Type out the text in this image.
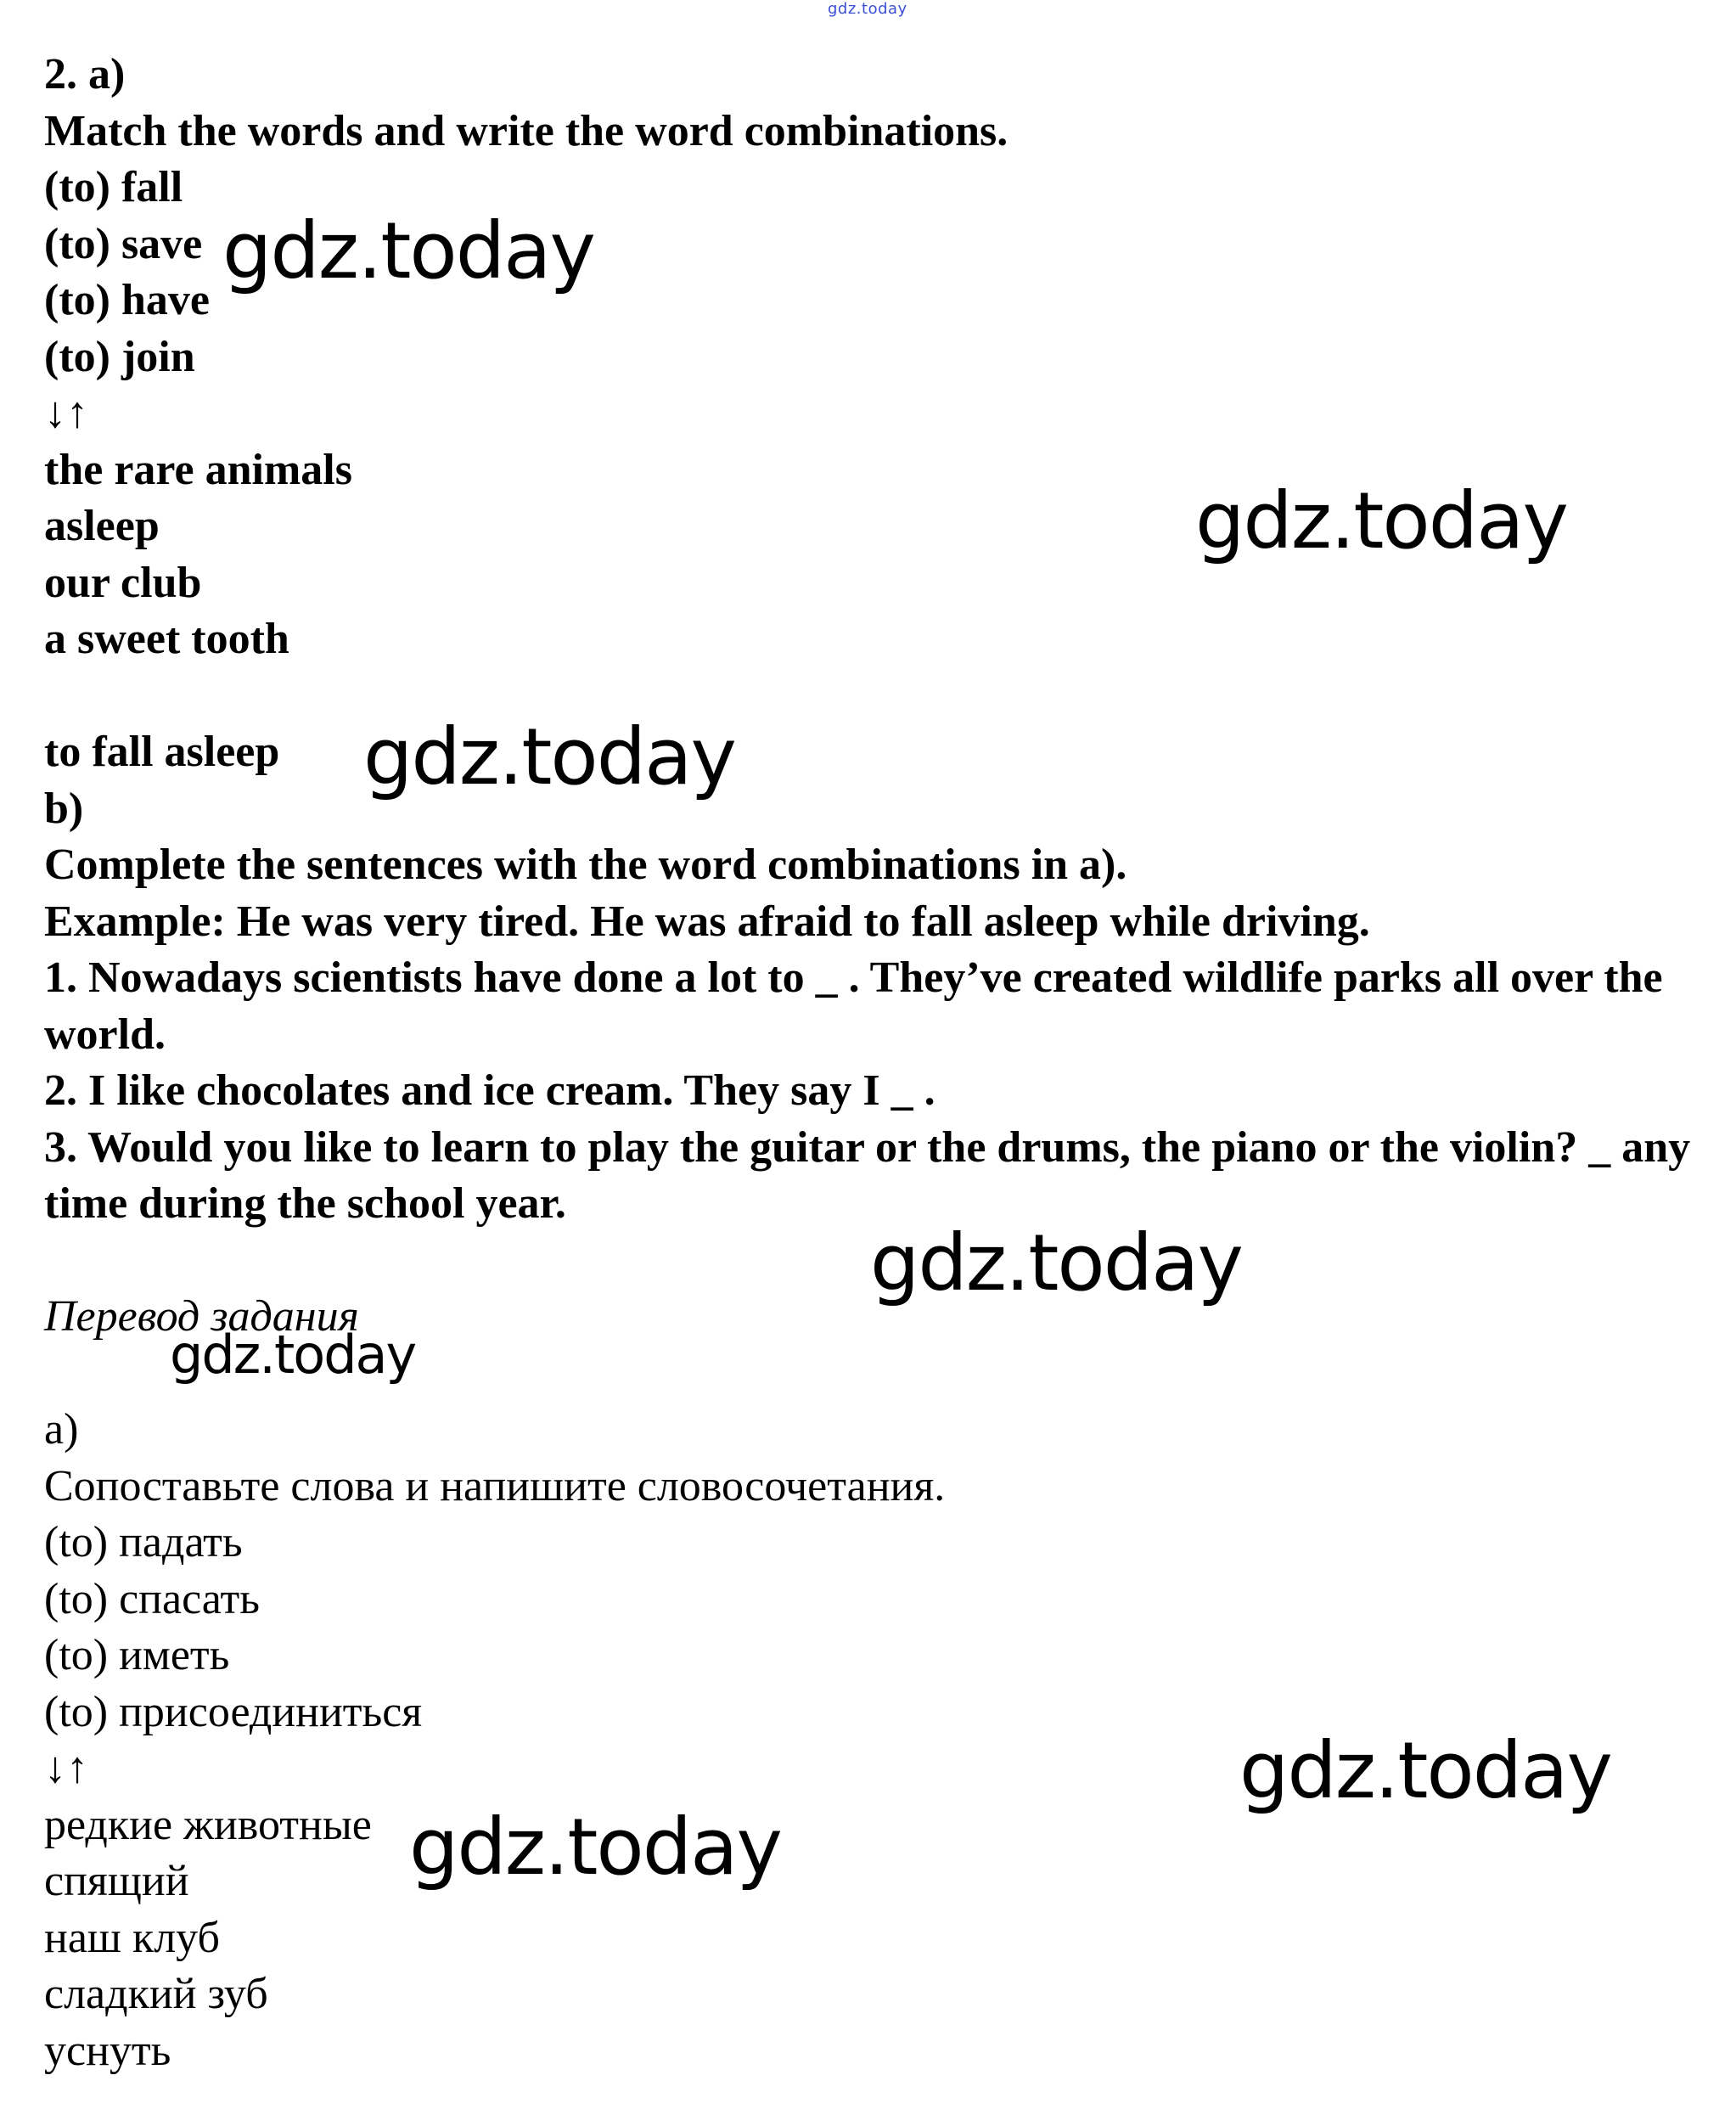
gdz.today
2. a)
Match the words and write the word combinations.
(to) fall
(to) save
(to) have
(to) join
↓↑
the rare animals
asleep
our club
a sweet tooth
to fall asleep
b)
Complete the sentences with the word combinations in a).
Example: He was very tired. He was afraid to fall asleep while driving.
1. Nowadays scientists have done a lot to _ . They’ve created wildlife parks all over the world.
2. I like chocolates and ice cream. They say I _ .
3. Would you like to learn to play the guitar or the drums, the piano or the violin? _ any time during the school year.
Перевод задания
а)
Сопоставьте слова и напишите словосочетания.
(to) падать
(to) спасать
(to) иметь
(to) присоединиться
↓↑
редкие животные
спящий
наш клуб
сладкий зуб
уснуть
gdz.today
gdz.today
gdz.today
gdz.today
gdz.today
gdz.today
gdz.today
